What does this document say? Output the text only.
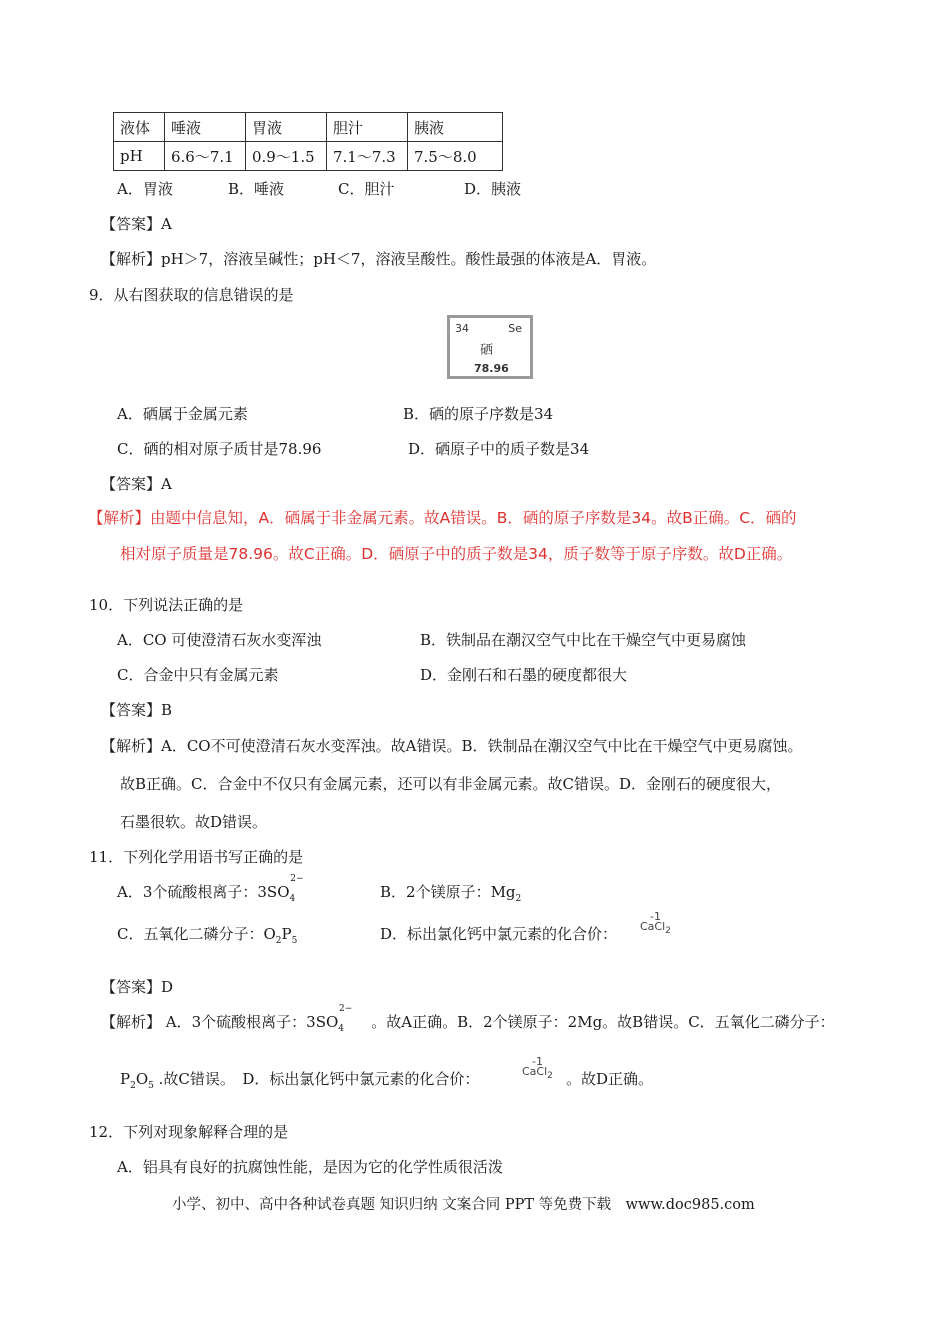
液体	唾液	胃液	胆汁	胰液
pH	6.6～7.1	0.9～1.5	7.1～7.3	7.5～8.0
A．胃液	B．唾液	C．胆汁	D．胰液
【答案】A
【解析】pH＞7，溶液呈碱性；pH＜7，溶液呈酸性。酸性最强的体液是A．胃液。
9．从右图获取的信息错误的是
34	Se
硒
78.96
A．硒属于金属元素	B．硒的原子序数是34
C．硒的相对原子质甘是78.96	D．硒原子中的质子数是34
【答案】A
【解析】由题中信息知，A．硒属于非金属元素。故A错误。B．硒的原子序数是34。故B正确。C．硒的
相对原子质量是78.96。故C正确。D．硒原子中的质子数是34，质子数等于原子序数。故D正确。
10．下列说法正确的是
A．CO 可使澄清石灰水变浑浊	B．铁制品在潮汉空气中比在干燥空气中更易腐蚀
C．合金中只有金属元素	D．金刚石和石墨的硬度都很大
【答案】B
【解析】A．CO不可使澄清石灰水变浑浊。故A错误。B．铁制品在潮汉空气中比在干燥空气中更易腐蚀。
故B正确。C．合金中不仅只有金属元素，还可以有非金属元素。故C错误。D．金刚石的硬度很大，
石墨很软。故D错误。
11．下列化学用语书写正确的是
A．3个硫酸根离子：$3SO_4^{2-}$
B．2个镁原子：$Mg_2$
C．五氧化二磷分子：$O_2P_5$	D．标出氯化钙中氯元素的化合价：
-1
CaCl$_2$
【答案】D
【解析】 A．3个硫酸根离子：$3SO_4^{2-}$。故A正确。B．2个镁原子：2Mg。故B错误。C．五氧化二磷分子：
$P_2O_5$ .故C错误。　D．标出氯化钙中氯元素的化合价：
-1
CaCl$_2$ 。故D正确。
12．下列对现象解释合理的是
A．铝具有良好的抗腐蚀性能，是因为它的化学性质很活泼
小学、初中、高中各种试卷真题 知识归纳 文案合同 PPT 等免费下载　www.doc985.com
